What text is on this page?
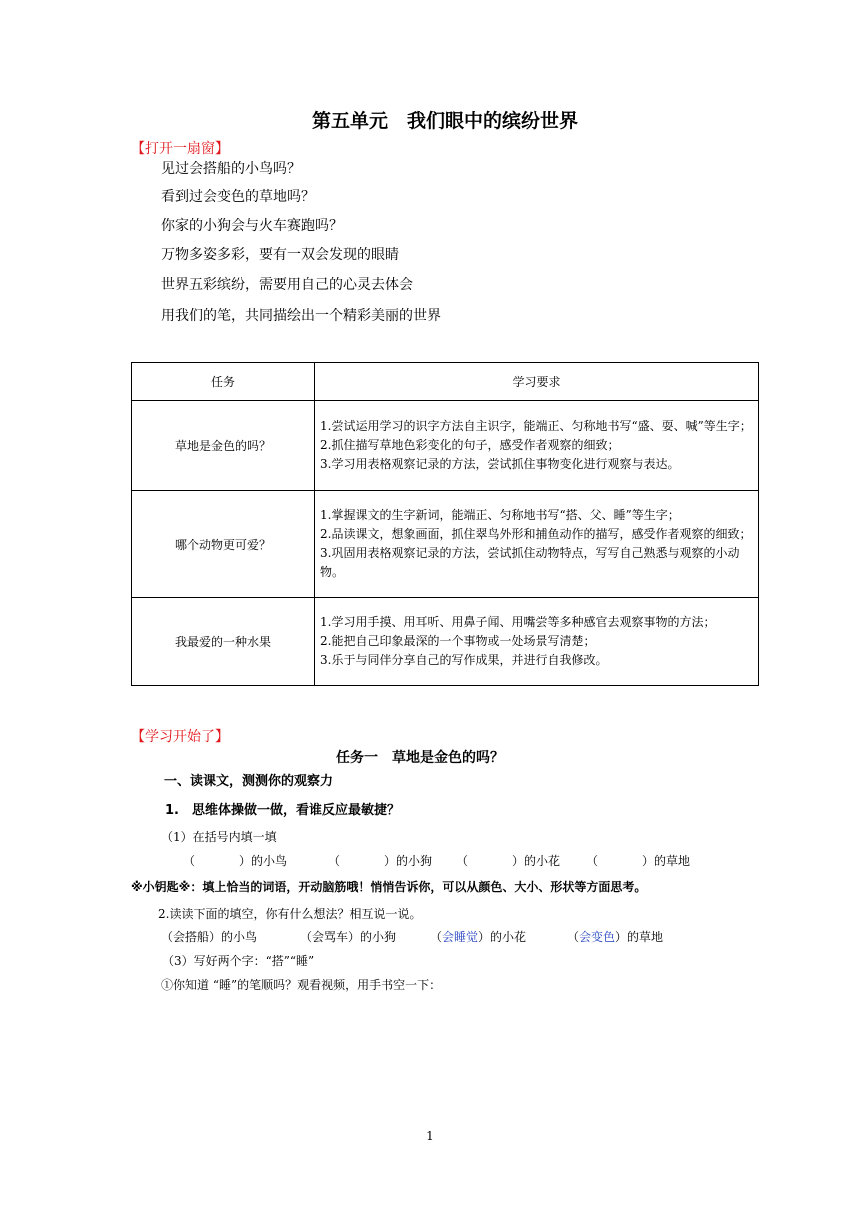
第五单元　我们眼中的缤纷世界
【打开一扇窗】
见过会搭船的小鸟吗？
看到过会变色的草地吗？
你家的小狗会与火车赛跑吗？
万物多姿多彩，要有一双会发现的眼睛
世界五彩缤纷，需要用自己的心灵去体会
用我们的笔，共同描绘出一个精彩美丽的世界
任务	学习要求
草地是金色的吗？	1.尝试运用学习的识字方法自主识字，能端正、匀称地书写“盛、耍、喊”等生字；
2.抓住描写草地色彩变化的句子，感受作者观察的细致；
3.学习用表格观察记录的方法，尝试抓住事物变化进行观察与表达。

哪个动物更可爱？	1.掌握课文的生字新词，能端正、匀称地书写“搭、父、睡”等生字；
2.品读课文，想象画面，抓住翠鸟外形和捕鱼动作的描写，感受作者观察的细致；
3.巩固用表格观察记录的方法，尝试抓住动物特点，写写自己熟悉与观察的小动物。

我最爱的一种水果	1.学习用手摸、用耳听、用鼻子闻、用嘴尝等多种感官去观察事物的方法；
2.能把自己印象最深的一个事物或一处场景写清楚；
3.乐于与同伴分享自己的写作成果，并进行自我修改。
【学习开始了】
任务一　草地是金色的吗？
一、读课文，测测你的观察力
1.　思维体操做一做，看谁反应最敏捷？
（1）在括号内填一填
（	）的小鸟	（	）的小狗 （	）的小花 （	）的草地
※小钥匙※：填上恰当的词语，开动脑筋哦！悄悄告诉你，可以从颜色、大小、形状等方面思考。
2.读读下面的填空，你有什么想法？相互说一说。
（会搭船）的小鸟	（会骂车）的小狗	（会睡觉）的小花	（会变色）的草地
（3）写好两个字：“搭”“睡”
①你知道 “睡”的笔顺吗？观看视频，用手书空一下：
1
